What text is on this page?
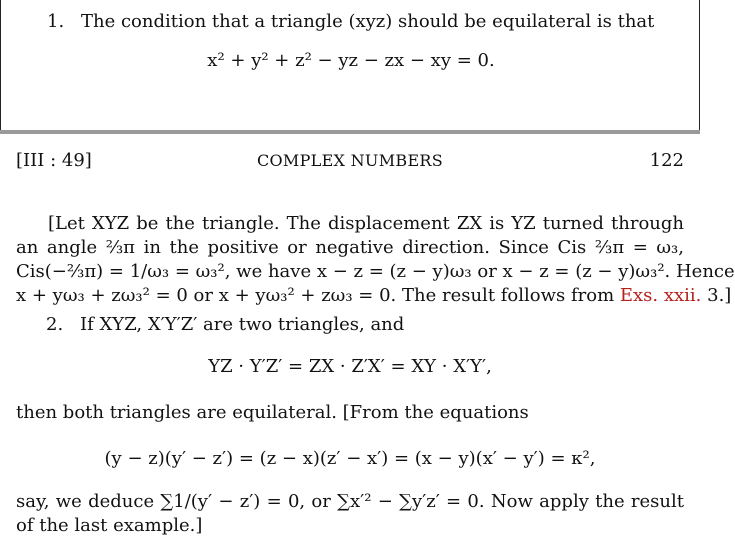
1. The condition that a triangle (xyz) should be equilateral is that
x² + y² + z² − yz − zx − xy = 0.
[III : 49]	COMPLEX NUMBERS	122
[Let XYZ be the triangle. The displacement ZX is YZ turned through
an angle ⅔π in the positive or negative direction. Since Cis ⅔π = ω₃,
Cis(−⅔π) = 1/ω₃ = ω₃², we have x − z = (z − y)ω₃ or x − z = (z − y)ω₃². Hence
x + yω₃ + zω₃² = 0 or x + yω₃² + zω₃ = 0. The result follows from Exs. xxii. 3.]
2. If XYZ, X′Y′Z′ are two triangles, and
YZ · Y′Z′ = ZX · Z′X′ = XY · X′Y′,
then both triangles are equilateral. [From the equations
(y − z)(y′ − z′) = (z − x)(z′ − x′) = (x − y)(x′ − y′) = κ²,
say, we deduce ∑1/(y′ − z′) = 0, or ∑x′² − ∑y′z′ = 0. Now apply the result
of the last example.]
